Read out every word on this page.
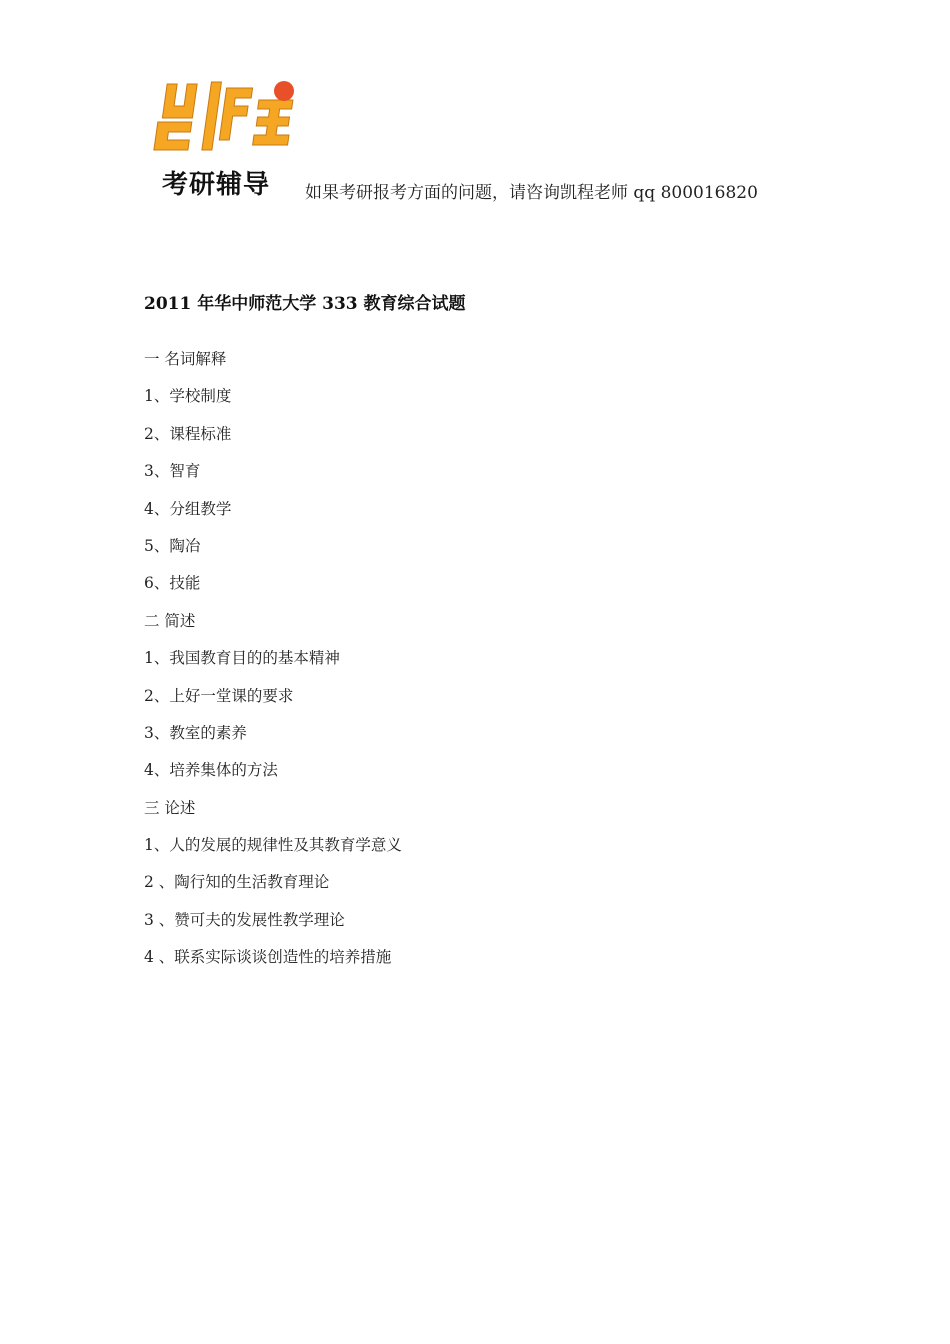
考研辅导 如果考研报考方面的问题，请咨询凯程老师 qq 800016820
2011 年华中师范大学 333 教育综合试题
一 名词解释
1、学校制度
2、课程标准
3、智育
4、分组教学
5、陶冶
6、技能
二 简述
1、我国教育目的的基本精神
2、上好一堂课的要求
3、教室的素养
4、培养集体的方法
三 论述
1、人的发展的规律性及其教育学意义
2 、陶行知的生活教育理论
3 、赞可夫的发展性教学理论
4 、联系实际谈谈创造性的培养措施
